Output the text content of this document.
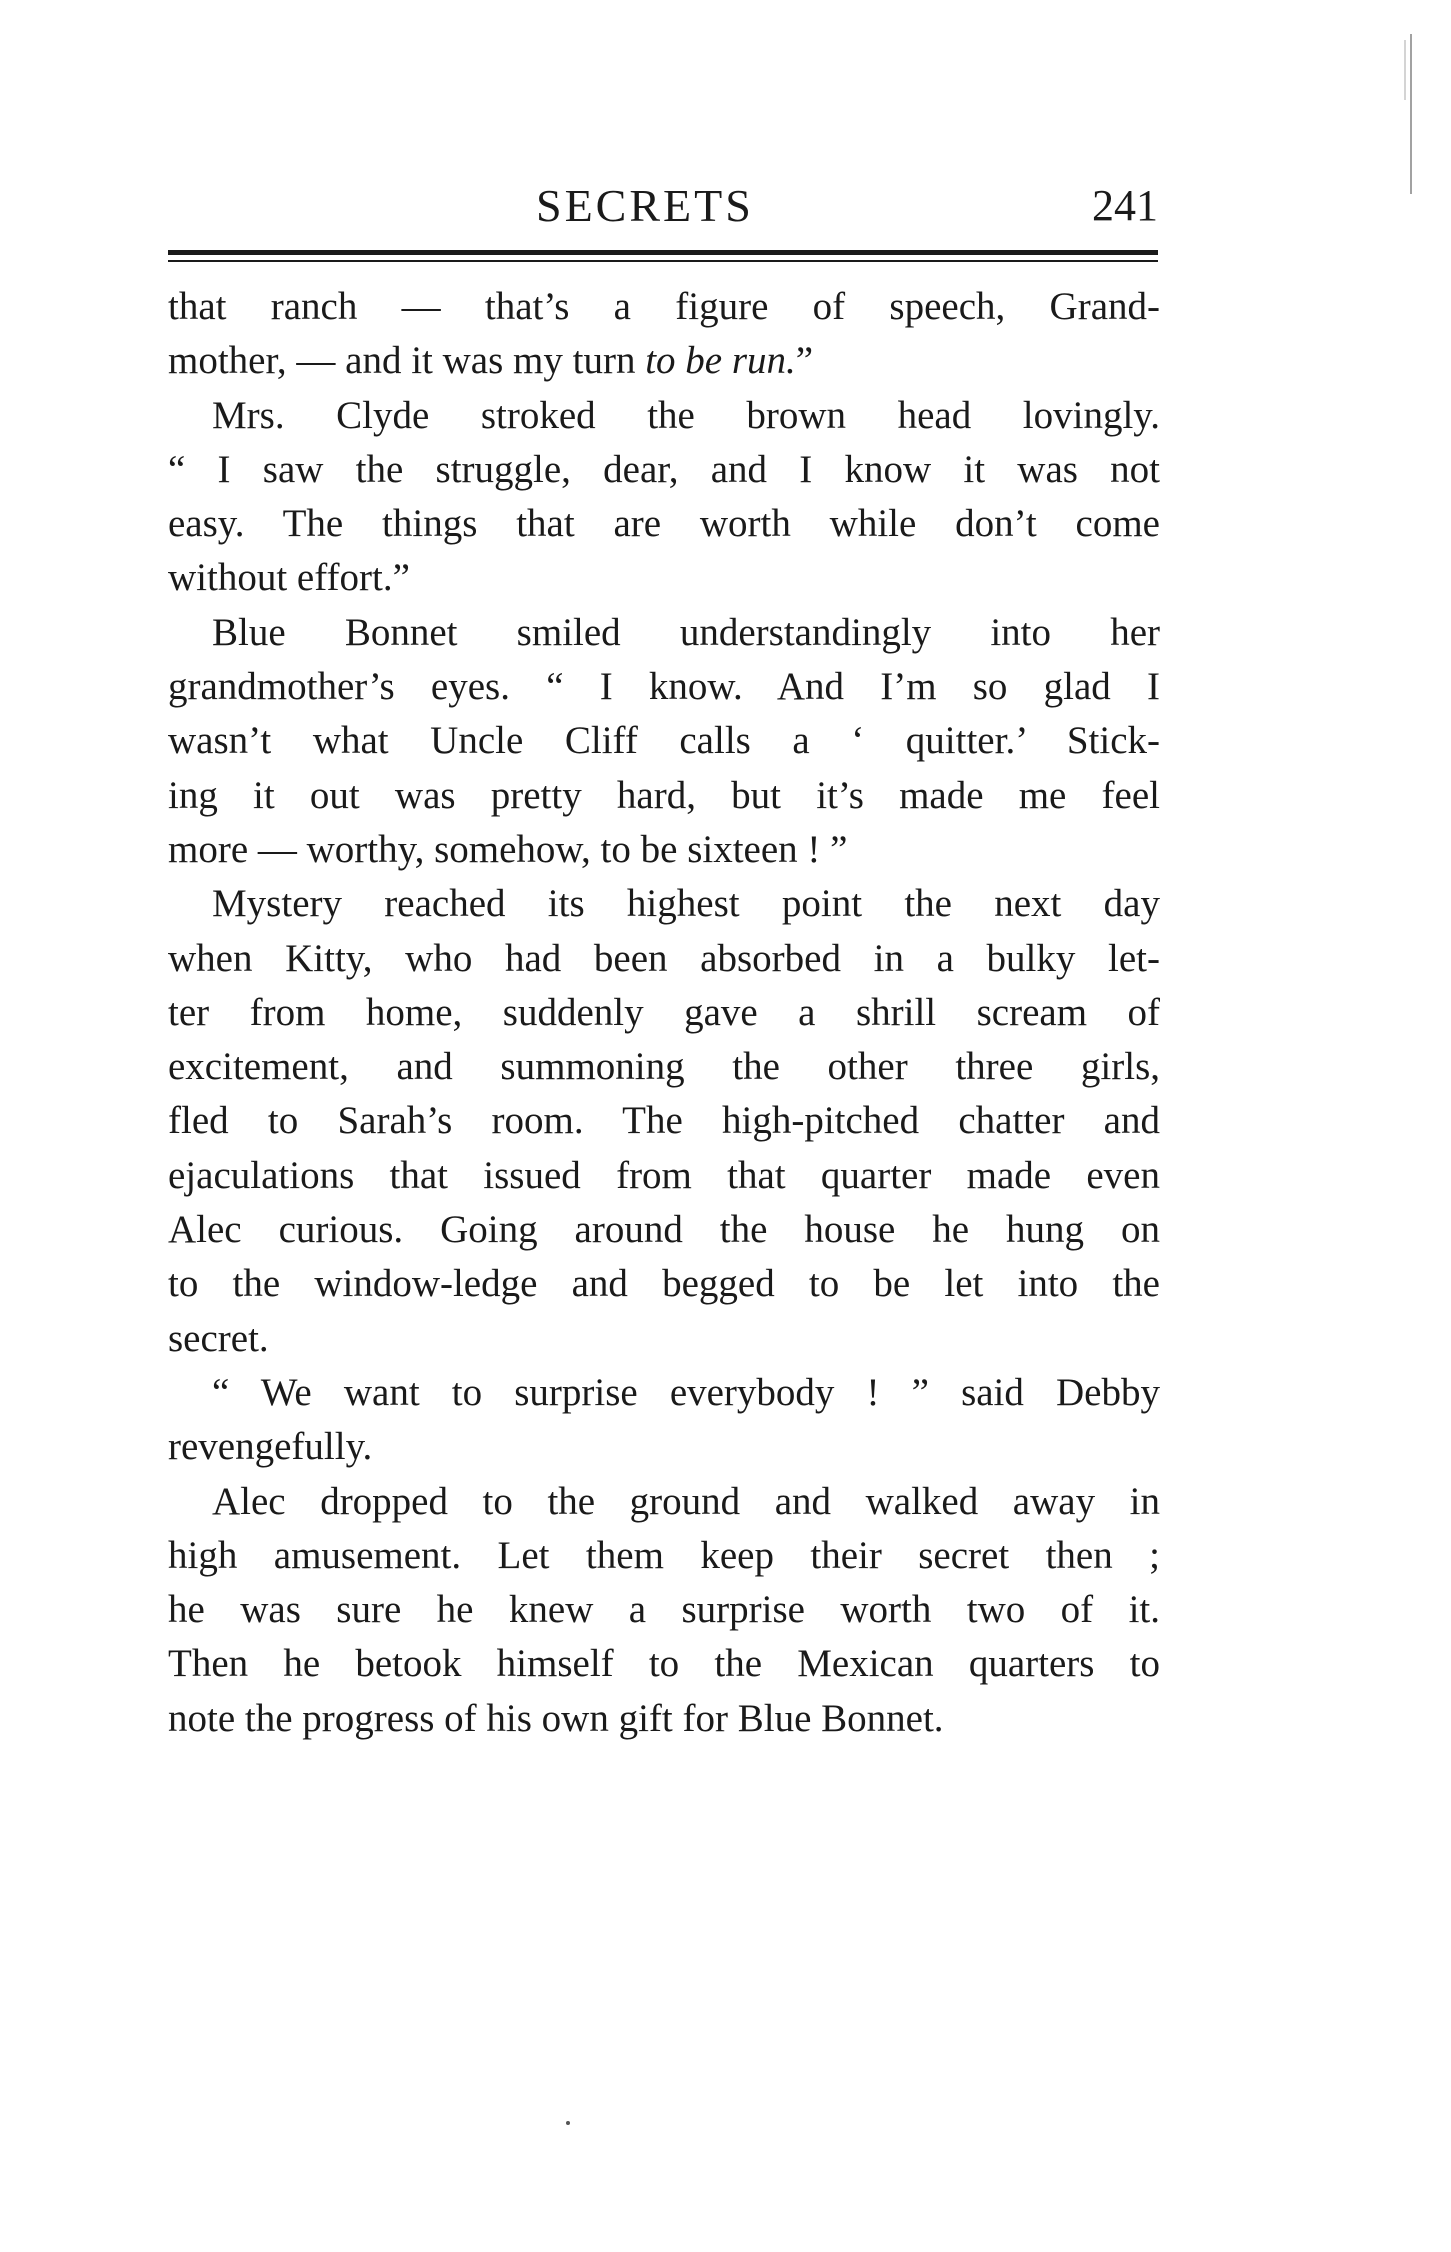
SECRETS	241
that ranch — that’s a figure of speech, Grand-
mother, — and it was my turn to be run.”
Mrs. Clyde stroked the brown head lovingly.
“ I saw the struggle, dear, and I know it was not
easy. The things that are worth while don’t come
without effort.”
Blue Bonnet smiled understandingly into her
grandmother’s eyes. “ I know. And I’m so glad I
wasn’t what Uncle Cliff calls a ‘ quitter.’ Stick-
ing it out was pretty hard, but it’s made me feel
more — worthy, somehow, to be sixteen ! ”
Mystery reached its highest point the next day
when Kitty, who had been absorbed in a bulky let-
ter from home, suddenly gave a shrill scream of
excitement, and summoning the other three girls,
fled to Sarah’s room. The high-pitched chatter and
ejaculations that issued from that quarter made even
Alec curious. Going around the house he hung on
to the window-ledge and begged to be let into the
secret.
“ We want to surprise everybody ! ” said Debby
revengefully.
Alec dropped to the ground and walked away in
high amusement. Let them keep their secret then ;
he was sure he knew a surprise worth two of it.
Then he betook himself to the Mexican quarters to
note the progress of his own gift for Blue Bonnet.
